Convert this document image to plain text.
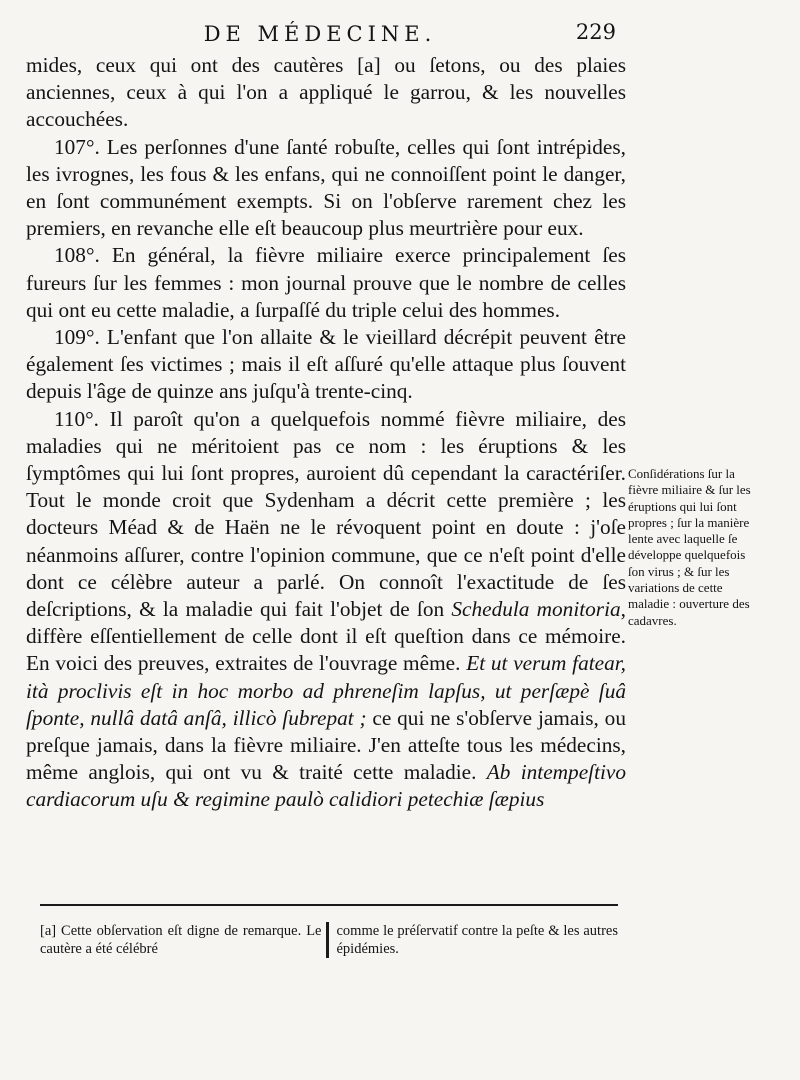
DE MÉDECINE.	229

mides, ceux qui ont des cautères [a] ou ſetons, ou des plaies anciennes, ceux à qui l'on a appliqué le garrou, & les nouvelles accouchées.

107°. Les perſonnes d'une ſanté robuſte, celles qui ſont intrépides, les ivrognes, les fous & les enfans, qui ne connoiſſent point le danger, en ſont communément exempts. Si on l'obſerve rarement chez les premiers, en revanche elle eſt beaucoup plus meurtrière pour eux.

108°. En général, la fièvre miliaire exerce principalement ſes fureurs ſur les femmes : mon journal prouve que le nombre de celles qui ont eu cette maladie, a ſurpaſſé du triple celui des hommes.

109°. L'enfant que l'on allaite & le vieillard décrépit peuvent être également ſes victimes ; mais il eſt aſſuré qu'elle attaque plus ſouvent depuis l'âge de quinze ans juſqu'à trente-cinq.

110°. Il paroît qu'on a quelquefois nommé fièvre miliaire, des maladies qui ne méritoient pas ce nom : les éruptions & les ſymptômes qui lui ſont propres, auroient dû cependant la caractériſer. Tout le monde croit que Sydenham a décrit cette première ; les docteurs Méad & de Haën ne le révoquent point en doute : j'oſe néanmoins aſſurer, contre l'opinion commune, que ce n'eſt point d'elle dont ce célèbre auteur a parlé. On connoît l'exactitude de ſes deſcriptions, & la maladie qui fait l'objet de ſon Schedula monitoria, diffère eſſentiellement de celle dont il eſt queſtion dans ce mémoire. En voici des preuves, extraites de l'ouvrage même. Et ut verum fatear, ità proclivis eſt in hoc morbo ad phreneſim lapſus, ut perſæpè ſuâ ſponte, nullâ datâ anſâ, illicò ſubrepat ; ce qui ne s'obſerve jamais, ou preſque jamais, dans la fièvre miliaire. J'en atteſte tous les médecins, même anglois, qui ont vu & traité cette maladie. Ab intempeſtivo cardiacorum uſu & regimine paulò calidiori petechiæ ſæpius

Conſidérations ſur la fièvre miliaire & ſur les éruptions qui lui ſont propres ; ſur la manière lente avec laquelle ſe développe quelquefois ſon virus ; & ſur les variations de cette maladie : ouverture des cadavres.
[a] Cette obſervation eſt digne de remarque. Le cautère a été célébré
comme le préſervatif contre la peſte & les autres épidémies.
